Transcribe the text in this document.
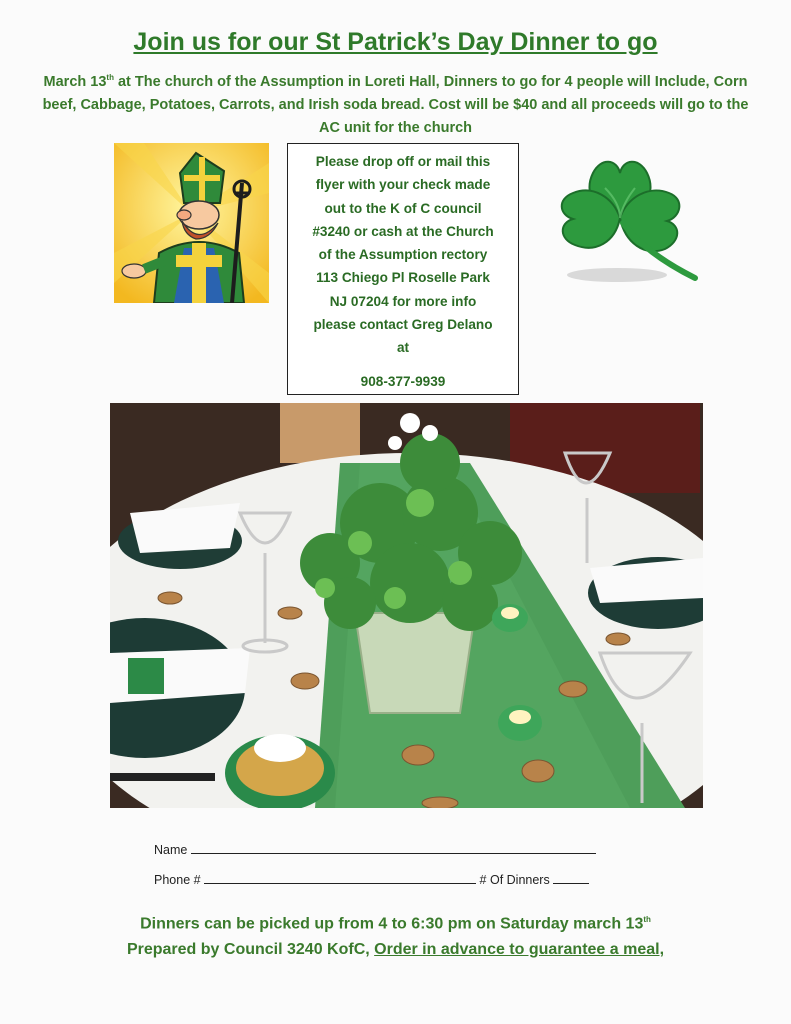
Join us for our St Patrick’s Day Dinner to go
March 13th at The church of the Assumption in Loreti Hall, Dinners to go for 4 people will Include, Corn beef, Cabbage, Potatoes, Carrots, and Irish soda bread. Cost will be $40 and all proceeds will go to the AC unit for the church
Please drop off or mail this
flyer with your check made
out to the K of C council
#3240 or cash at the Church
of the Assumption rectory
113 Chiego Pl Roselle Park
NJ 07204 for more info
please contact Greg Delano
at
908-377-9939
Name
Phone #	# Of Dinners
Dinners can be picked up from 4 to 6:30 pm on Saturday march 13th
Prepared by Council 3240 KofC, Order in advance to guarantee a meal,
